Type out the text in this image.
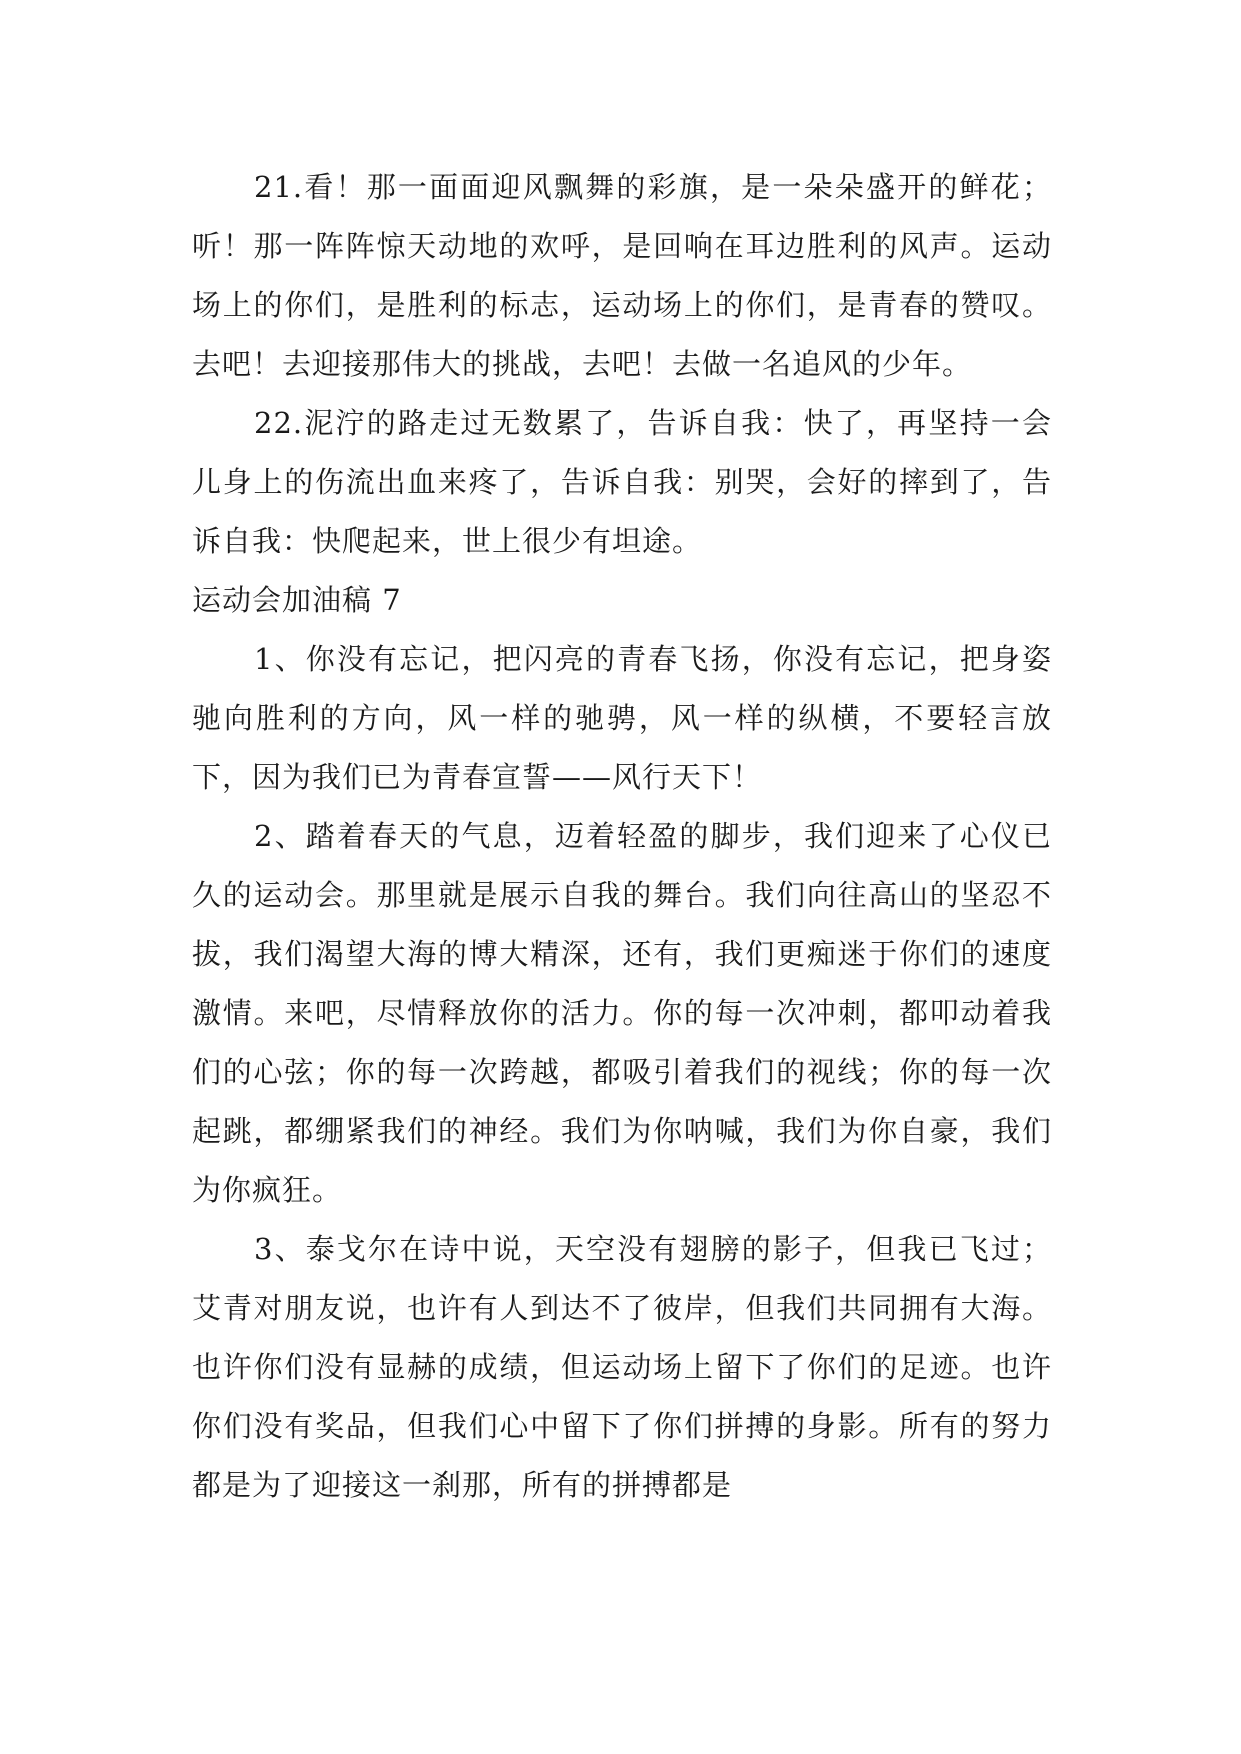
21.看！那一面面迎风飘舞的彩旗，是一朵朵盛开的鲜花；听！那一阵阵惊天动地的欢呼，是回响在耳边胜利的风声。运动场上的你们，是胜利的标志，运动场上的你们，是青春的赞叹。去吧！去迎接那伟大的挑战，去吧！去做一名追风的少年。

22.泥泞的路走过无数累了，告诉自我：快了，再坚持一会儿身上的伤流出血来疼了，告诉自我：别哭，会好的摔到了，告诉自我：快爬起来，世上很少有坦途。

运动会加油稿 7

1、你没有忘记，把闪亮的青春飞扬，你没有忘记，把身姿驰向胜利的方向，风一样的驰骋，风一样的纵横，不要轻言放下，因为我们已为青春宣誓——风行天下！

2、踏着春天的气息，迈着轻盈的脚步，我们迎来了心仪已久的运动会。那里就是展示自我的舞台。我们向往高山的坚忍不拔，我们渴望大海的博大精深，还有，我们更痴迷于你们的速度激情。来吧，尽情释放你的活力。你的每一次冲刺，都叩动着我们的心弦；你的每一次跨越，都吸引着我们的视线；你的每一次起跳，都绷紧我们的神经。我们为你呐喊，我们为你自豪，我们为你疯狂。

3、泰戈尔在诗中说，天空没有翅膀的影子，但我已飞过；艾青对朋友说，也许有人到达不了彼岸，但我们共同拥有大海。也许你们没有显赫的成绩，但运动场上留下了你们的足迹。也许你们没有奖品，但我们心中留下了你们拼搏的身影。所有的努力都是为了迎接这一刹那，所有的拼搏都是
